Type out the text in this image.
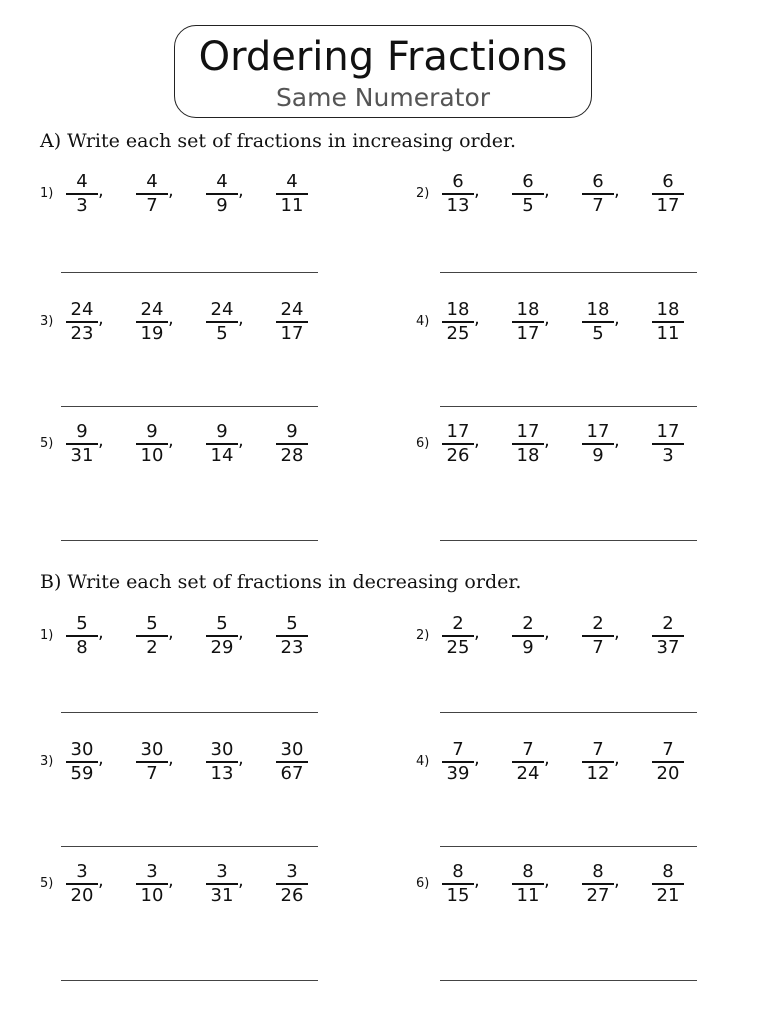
Ordering Fractions
Same Numerator
A) Write each set of fractions in increasing order.
B) Write each set of fractions in decreasing order.
1)
4
3
,	4
7
,	4
9
,	4
11
2)
6
13
,	6
5
,	6
7
,	6
17
3)
24
23
,	24
19
,	24
5
,	24
17
4)
18
25
,	18
17
,	18
5
,	18
11
5)
9
31
,	9
10
,	9
14
,	9
28
6)
17
26
,	17
18
,	17
9
,	17
3
1)
5
8
,	5
2
,	5
29
,	5
23
2)
2
25
,	2
9
,	2
7
,	2
37
3)
30
59
,	30
7
,	30
13
,	30
67
4)
7
39
,	7
24
,	7
12
,	7
20
5)
3
20
,	3
10
,	3
31
,	3
26
6)
8
15
,	8
11
,	8
27
,	8
21
